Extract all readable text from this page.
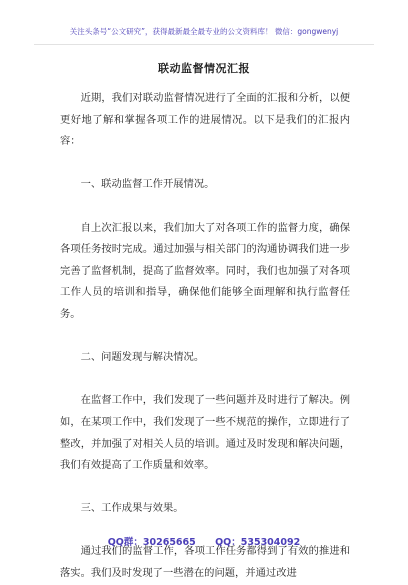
关注头条号“公文研究”，获得最新最全最专业的公文资料库！ 微信：gongwenyj
联动监督情况汇报

近期，我们对联动监督情况进行了全面的汇报和分析，以便更好地了解和掌握各项工作的进展情况。以下是我们的汇报内容：

一、联动监督工作开展情况。

自上次汇报以来，我们加大了对各项工作的监督力度，确保各项任务按时完成。通过加强与相关部门的沟通协调我们进一步完善了监督机制，提高了监督效率。同时，我们也加强了对各项工作人员的培训和指导，确保他们能够全面理解和执行监督任务。

二、问题发现与解决情况。

在监督工作中，我们发现了一些问题并及时进行了解决。例如，在某项工作中，我们发现了一些不规范的操作，立即进行了整改，并加强了对相关人员的培训。通过及时发现和解决问题，我们有效提高了工作质量和效率。

三、工作成果与效果。

通过我们的监督工作，各项工作任务都得到了有效的推进和落实。我们及时发现了一些潜在的问题，并通过改进

QQ群：30265665 QQ：535304092
